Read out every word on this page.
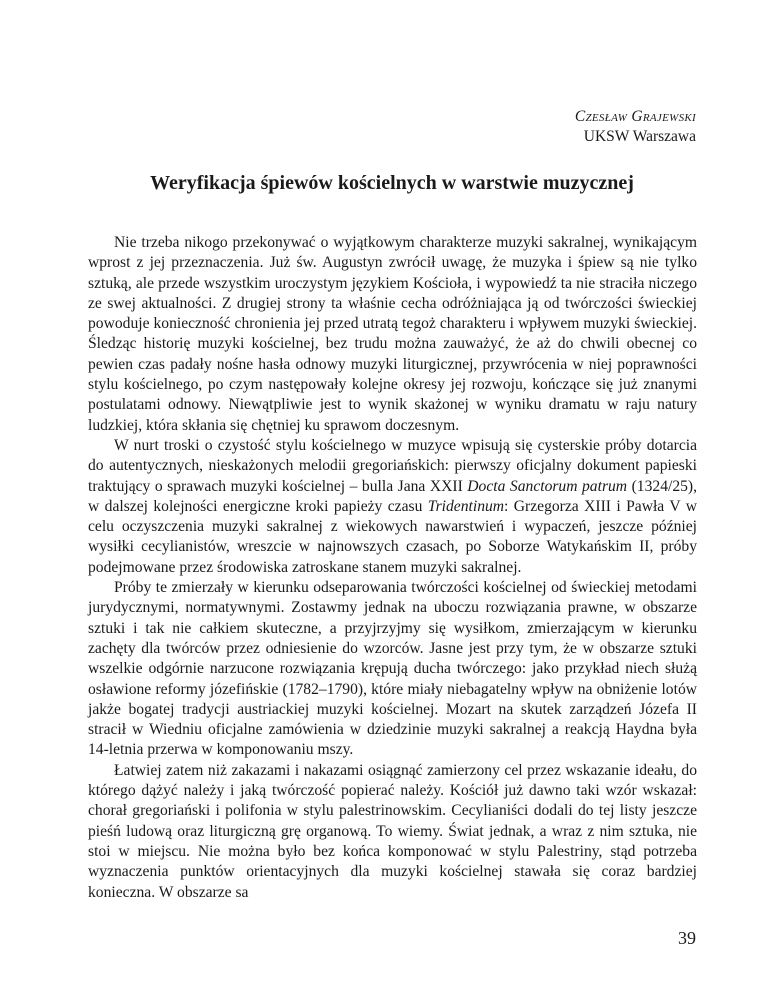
Czesław Grajewski
UKSW Warszawa
Weryfikacja śpiewów kościelnych w warstwie muzycznej

Nie trzeba nikogo przekonywać o wyjątkowym charakterze muzyki sakralnej, wynikającym wprost z jej przeznaczenia. Już św. Augustyn zwrócił uwagę, że muzyka i śpiew są nie tylko sztuką, ale przede wszystkim uroczystym językiem Kościoła, i wypowiedź ta nie straciła niczego ze swej aktualności. Z drugiej strony ta właśnie cecha odróżniająca ją od twórczości świeckiej powoduje konieczność chronienia jej przed utratą tegoż charakteru i wpływem muzyki świeckiej. Śledząc historię muzyki kościelnej, bez trudu można zauważyć, że aż do chwili obecnej co pewien czas padały nośne hasła odnowy muzyki liturgicznej, przywrócenia w niej poprawności stylu kościelnego, po czym następowały kolejne okresy jej rozwoju, kończące się już znanymi postulatami odnowy. Niewątpliwie jest to wynik skażonej w wyniku dramatu w raju natury ludzkiej, która skłania się chętniej ku sprawom doczesnym.

W nurt troski o czystość stylu kościelnego w muzyce wpisują się cysterskie próby dotarcia do autentycznych, nieskażonych melodii gregoriańskich: pierwszy oficjalny dokument papieski traktujący o sprawach muzyki kościelnej – bulla Jana XXII Docta Sanctorum patrum (1324/25), w dalszej kolejności energiczne kroki papieży czasu Tridentinum: Grzegorza XIII i Pawła V w celu oczyszczenia muzyki sakralnej z wiekowych nawarstwień i wypaczeń, jeszcze później wysiłki cecylianistów, wreszcie w najnowszych czasach, po Soborze Watykańskim II, próby podejmowane przez środowiska zatroskane stanem muzyki sakralnej.

Próby te zmierzały w kierunku odseparowania twórczości kościelnej od świeckiej metodami jurydycznymi, normatywnymi. Zostawmy jednak na uboczu rozwiązania prawne, w obszarze sztuki i tak nie całkiem skuteczne, a przyjrzyjmy się wysiłkom, zmierzającym w kierunku zachęty dla twórców przez odniesienie do wzorców. Jasne jest przy tym, że w obszarze sztuki wszelkie odgórnie narzucone rozwiązania krępują ducha twórczego: jako przykład niech służą osławione reformy józefińskie (1782–1790), które miały niebagatelny wpływ na obniżenie lotów jakże bogatej tradycji austriackiej muzyki kościelnej. Mozart na skutek zarządzeń Józefa II stracił w Wiedniu oficjalne zamówienia w dziedzinie muzyki sakralnej a reakcją Haydna była 14-letnia przerwa w komponowaniu mszy.

Łatwiej zatem niż zakazami i nakazami osiągnąć zamierzony cel przez wskazanie ideału, do którego dążyć należy i jaką twórczość popierać należy. Kościół już dawno taki wzór wskazał: chorał gregoriański i polifonia w stylu palestrinowskim. Cecylianiści dodali do tej listy jeszcze pieśń ludową oraz liturgiczną grę organową. To wiemy. Świat jednak, a wraz z nim sztuka, nie stoi w miejscu. Nie można było bez końca komponować w stylu Palestriny, stąd potrzeba wyznaczenia punktów orientacyjnych dla muzyki kościelnej stawała się coraz bardziej konieczna. W obszarze sa

39
